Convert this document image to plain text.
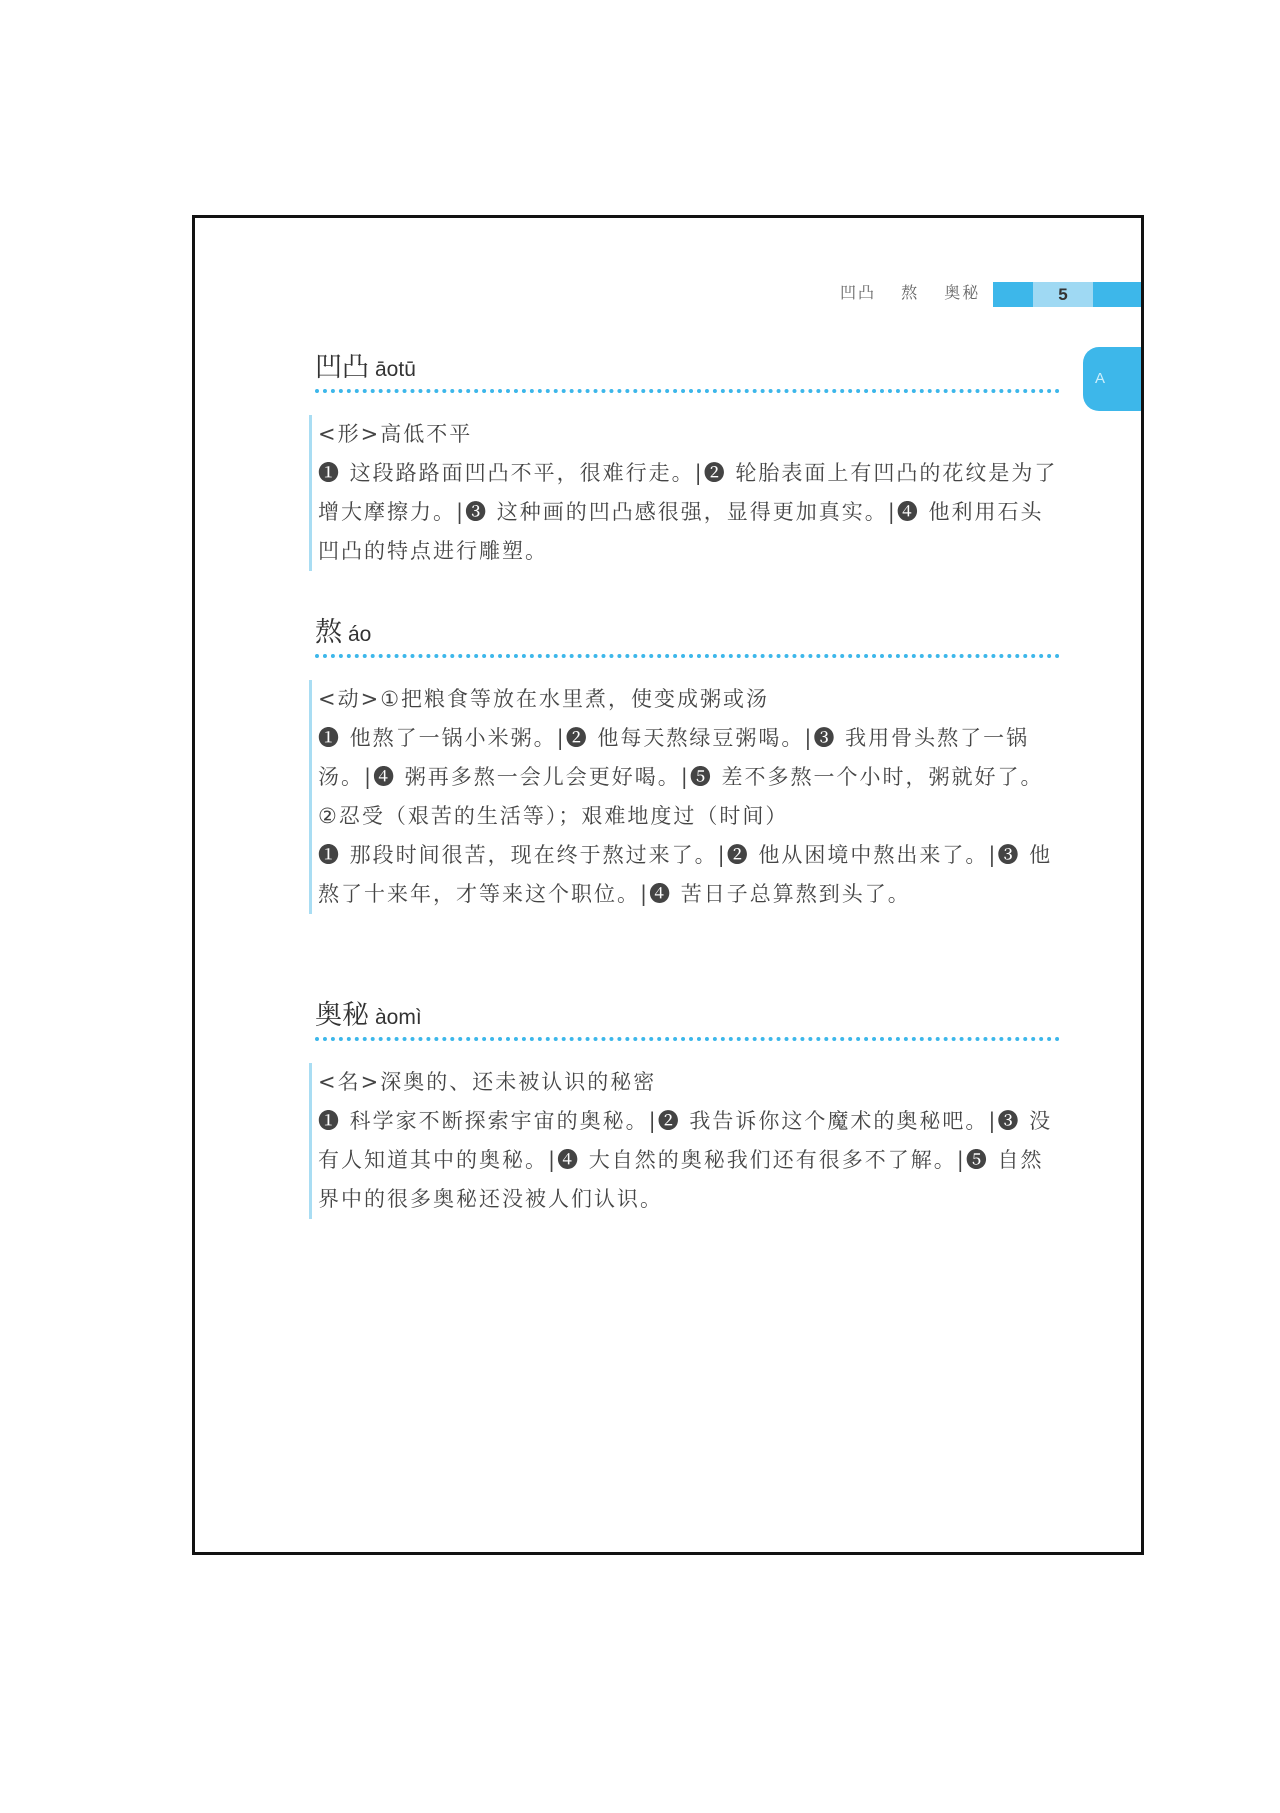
凹凸 熬 奥秘	5
A
凹凸 āotū
<形>高低不平
❶ 这段路路面凹凸不平，很难行走。|❷ 轮胎表面上有凹凸的花纹是为了增大摩擦力。|❸ 这种画的凹凸感很强，显得更加真实。|❹ 他利用石头凹凸的特点进行雕塑。
熬 áo
<动>①把粮食等放在水里煮，使变成粥或汤
❶ 他熬了一锅小米粥。|❷ 他每天熬绿豆粥喝。|❸ 我用骨头熬了一锅汤。|❹ 粥再多熬一会儿会更好喝。|❺ 差不多熬一个小时，粥就好了。
②忍受（艰苦的生活等）；艰难地度过（时间）
❶ 那段时间很苦，现在终于熬过来了。|❷ 他从困境中熬出来了。|❸ 他熬了十来年，才等来这个职位。|❹ 苦日子总算熬到头了。
奥秘 àomì
<名>深奥的、还未被认识的秘密
❶ 科学家不断探索宇宙的奥秘。|❷ 我告诉你这个魔术的奥秘吧。|❸ 没有人知道其中的奥秘。|❹ 大自然的奥秘我们还有很多不了解。|❺ 自然界中的很多奥秘还没被人们认识。
